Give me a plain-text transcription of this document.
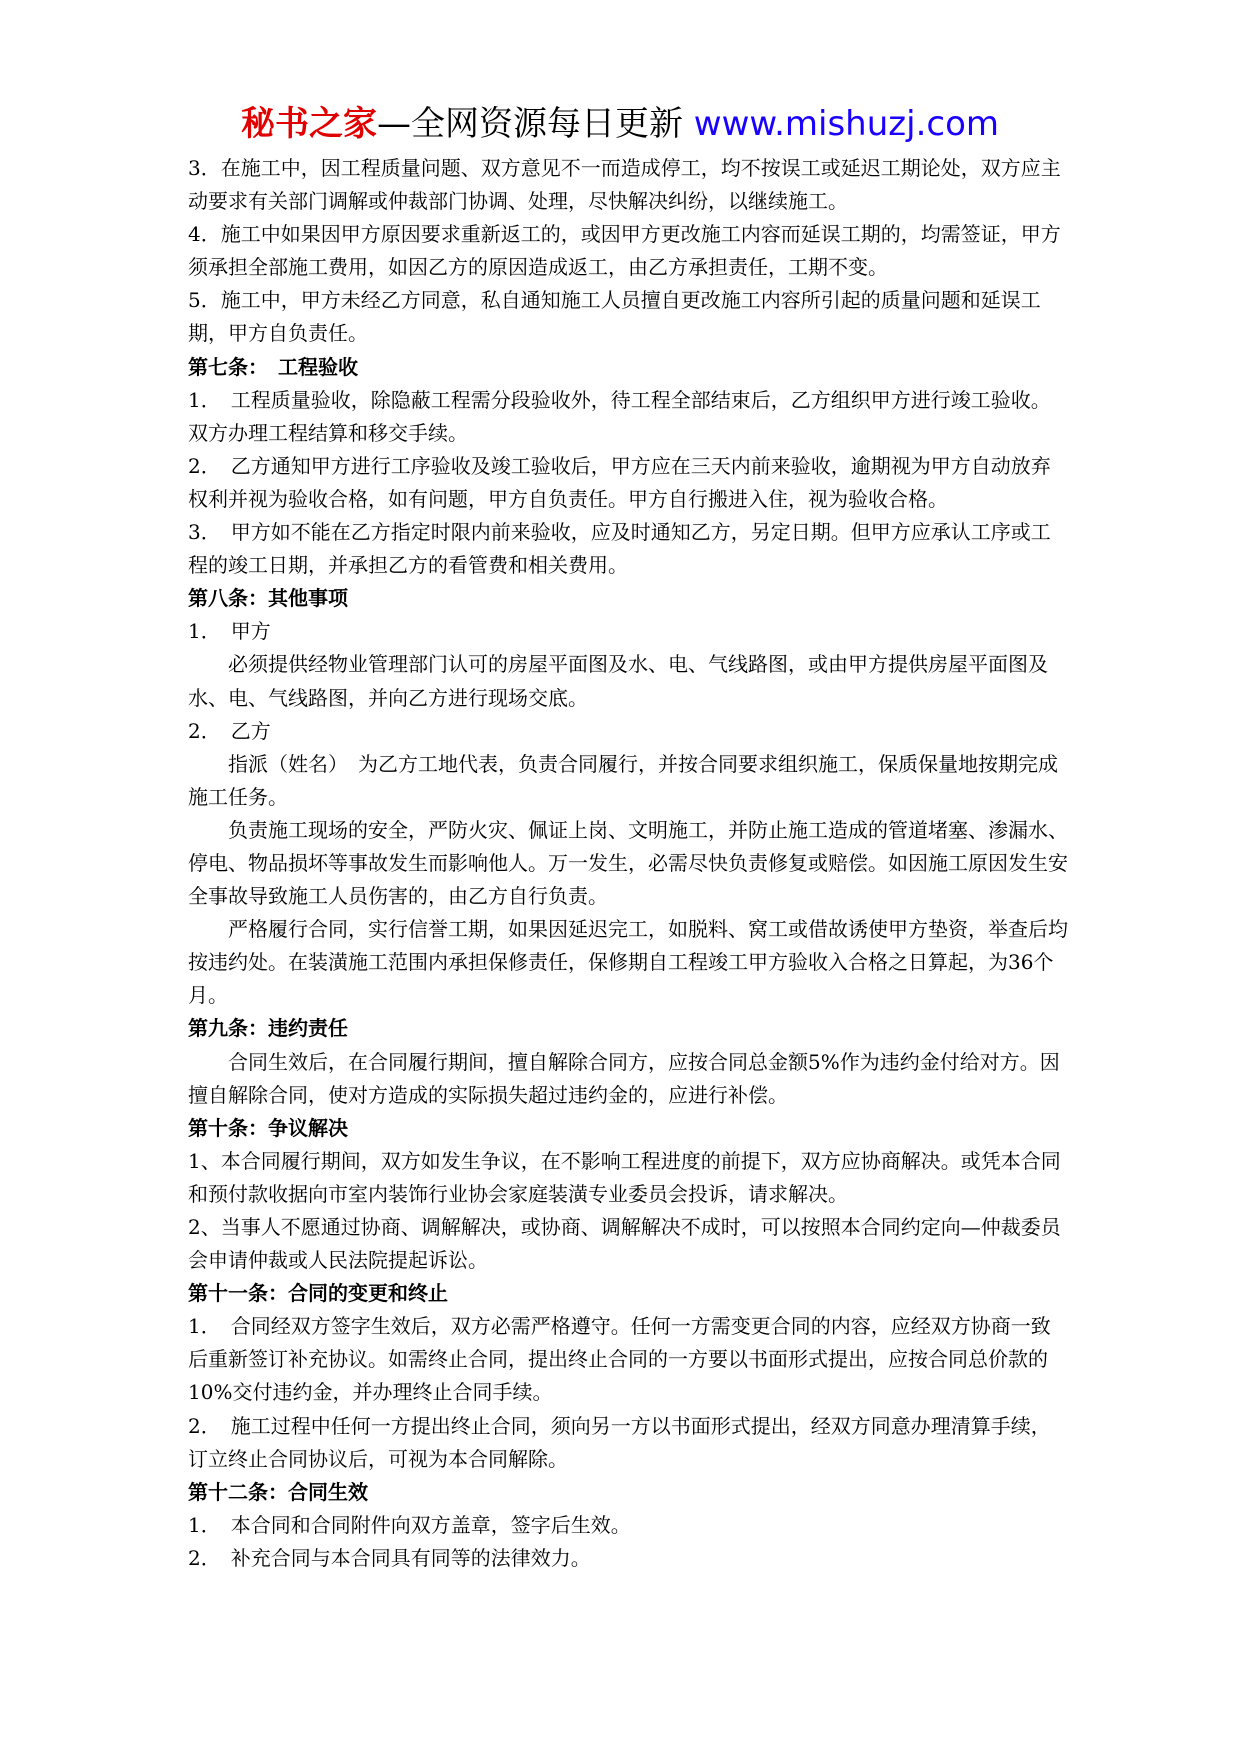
秘书之家—全网资源每日更新 www.mishuzj.com

3．在施工中，因工程质量问题、双方意见不一而造成停工，均不按误工或延迟工期论处，双方应主动要求有关部门调解或仲裁部门协调、处理，尽快解决纠纷，以继续施工。

4．施工中如果因甲方原因要求重新返工的，或因甲方更改施工内容而延误工期的，均需签证，甲方须承担全部施工费用，如因乙方的原因造成返工，由乙方承担责任，工期不变。

5．施工中，甲方未经乙方同意，私自通知施工人员擅自更改施工内容所引起的质量问题和延误工期，甲方自负责任。

第七条：　工程验收

1．　工程质量验收，除隐蔽工程需分段验收外，待工程全部结束后，乙方组织甲方进行竣工验收。双方办理工程结算和移交手续。

2．　乙方通知甲方进行工序验收及竣工验收后，甲方应在三天内前来验收，逾期视为甲方自动放弃权利并视为验收合格，如有问题，甲方自负责任。甲方自行搬进入住，视为验收合格。

3．　甲方如不能在乙方指定时限内前来验收，应及时通知乙方，另定日期。但甲方应承认工序或工程的竣工日期，并承担乙方的看管费和相关费用。

第八条：其他事项

1．　甲方

必须提供经物业管理部门认可的房屋平面图及水、电、气线路图，或由甲方提供房屋平面图及水、电、气线路图，并向乙方进行现场交底。

2．　乙方

指派（姓名）　为乙方工地代表，负责合同履行，并按合同要求组织施工，保质保量地按期完成施工任务。

负责施工现场的安全，严防火灾、佩证上岗、文明施工，并防止施工造成的管道堵塞、渗漏水、停电、物品损坏等事故发生而影响他人。万一发生，必需尽快负责修复或赔偿。如因施工原因发生安全事故导致施工人员伤害的，由乙方自行负责。

严格履行合同，实行信誉工期，如果因延迟完工，如脱料、窝工或借故诱使甲方垫资，举查后均按违约处。在装潢施工范围内承担保修责任，保修期自工程竣工甲方验收入合格之日算起，为36个月。

第九条：违约责任

合同生效后，在合同履行期间，擅自解除合同方，应按合同总金额5%作为违约金付给对方。因擅自解除合同，使对方造成的实际损失超过违约金的，应进行补偿。

第十条：争议解决

1、本合同履行期间，双方如发生争议，在不影响工程进度的前提下，双方应协商解决。或凭本合同和预付款收据向市室内装饰行业协会家庭装潢专业委员会投诉，请求解决。

2、当事人不愿通过协商、调解解决，或协商、调解解决不成时，可以按照本合同约定向—仲裁委员会申请仲裁或人民法院提起诉讼。

第十一条：合同的变更和终止

1．　合同经双方签字生效后，双方必需严格遵守。任何一方需变更合同的内容，应经双方协商一致后重新签订补充协议。如需终止合同，提出终止合同的一方要以书面形式提出，应按合同总价款的10%交付违约金，并办理终止合同手续。

2．　施工过程中任何一方提出终止合同，须向另一方以书面形式提出，经双方同意办理清算手续，订立终止合同协议后，可视为本合同解除。

第十二条：合同生效

1．　本合同和合同附件向双方盖章，签字后生效。

2．　补充合同与本合同具有同等的法律效力。
